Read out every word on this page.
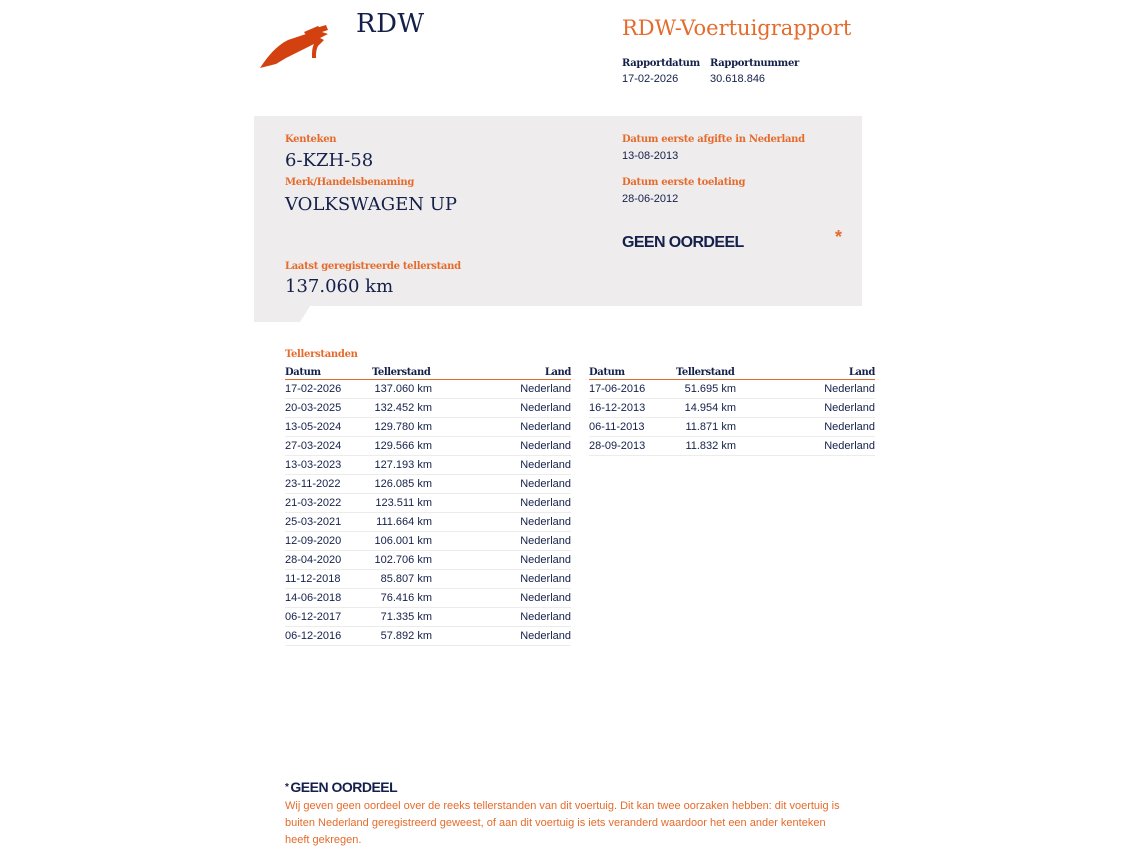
RDW	RDW-Voertuigrapport
Rapportdatum
17-02-2026
Rapportnummer
30.618.846
Kenteken
6-KZH-58
Merk/Handelsbenaming
VOLKSWAGEN UP
Laatst geregistreerde tellerstand
137.060 km
Datum eerste afgifte in Nederland
13-08-2013
Datum eerste toelating
28-06-2012
GEEN OORDEEL	*
Tellerstanden
Datum	Tellerstand	Land
17-02-2026	137.060 km	Nederland
20-03-2025	132.452 km	Nederland
13-05-2024	129.780 km	Nederland
27-03-2024	129.566 km	Nederland
13-03-2023	127.193 km	Nederland
23-11-2022	126.085 km	Nederland
21-03-2022	123.511 km	Nederland
25-03-2021	111.664 km	Nederland
12-09-2020	106.001 km	Nederland
28-04-2020	102.706 km	Nederland
11-12-2018	85.807 km	Nederland
14-06-2018	76.416 km	Nederland
06-12-2017	71.335 km	Nederland
06-12-2016	57.892 km	Nederland
Datum	Tellerstand	Land
17-06-2016	51.695 km	Nederland
16-12-2013	14.954 km	Nederland
06-11-2013	11.871 km	Nederland
28-09-2013	11.832 km	Nederland
* GEEN OORDEEL
Wij geven geen oordeel over de reeks tellerstanden van dit voertuig. Dit kan twee oorzaken hebben: dit voertuig is buiten Nederland geregistreerd geweest, of aan dit voertuig is iets veranderd waardoor het een ander kenteken heeft gekregen.
